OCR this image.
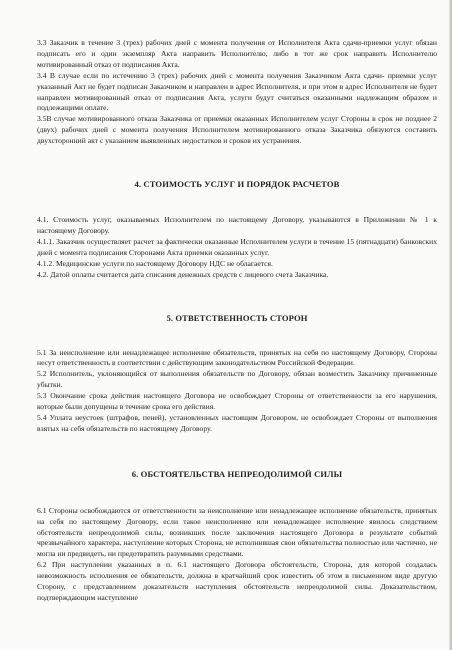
3.3 Заказчик в течение 3 (трех) рабочих дней с момента получения от Исполнителя Акта сдачи-приемки услуг обязан подписать его и один экземпляр Акта направить Исполнителю, либо в тот же срок направить Исполнителю мотивированный отказ от подписания Акта.

3.4 В случае если по истечению 3 (трех) рабочих дней с момента получения Заказчиком Акта сдачи- приемки услуг указанный Акт не будет подписан Заказчиком и направлен в адрес Исполнителя, и при этом в адрес Исполнителя не будет направлен мотивированный отказ от подписания Акта, услуги будут считаться оказанными надлежащим образом и подлежащими оплате.

3.5В случае мотивированного отказа Заказчика от приемки оказанных Исполнителем услуг Стороны в срок не позднее 2 (двух) рабочих дней с момента получения Исполнителем мотивированного отказа Заказчика обязуются составить двухсторонний акт с указанием выявленных недостатков и сроков их устранения.

4. СТОИМОСТЬ УСЛУГ И ПОРЯДОК РАСЧЕТОВ

4.1. Стоимость услуг, оказываемых Исполнителем по настоящему Договору, указываются в Приложении № 1 к настоящему Договору.

4.1.1. Заказчик осуществляет расчет за фактически оказанные Исполнителем услуги в течение 15 (пятнадцати) банковских дней с момента подписания Сторонами Акта приемки оказанных услуг.

4.1.2. Медицинские услуги по настоящему Договору НДС не облагается.

4.2. Датой оплаты считается дата списания денежных средств с лицевого счета Заказчика.

5. ОТВЕТСТВЕННОСТЬ СТОРОН

5.1 За неисполнение или ненадлежащее исполнение обязательств, принятых на себя по настоящему Договору, Стороны несут ответственность в соответствии с действующим законодательством Российской Федерации.

5.2 Исполнитель, уклоняющийся от выполнения обязательств по Договору, обязан возместить Заказчику причиненные убытки.

5.3 Окончание срока действия настоящего Договора не освобождает Стороны от ответственности за его нарушения, которые были допущены в течение срока его действия.

5.4 Уплата неустоек (штрафов, пеней), установленных настоящим Договором, не освобождает Стороны от выполнения взятых на себя обязательств по настоящему Договору.

6. ОБСТОЯТЕЛЬСТВА НЕПРЕОДОЛИМОЙ СИЛЫ

6.1 Стороны освобождаются от ответственности за неисполнение или ненадлежащее исполнение обязательств, принятых на себя по настоящему Договору, если такое неисполнение или ненадлежащее исполнение явилось следствием обстоятельств непреодолимой силы, возникших после заключения настоящего Договора в результате событий чрезвычайного характера, наступление которых Сторона, не исполнившая свои обязательства полностью или частично, не могла ни предвидеть, ни предотвратить разумными средствами.

6.2 При наступлении указанных в п. 6.1 настоящего Договора обстоятельств, Сторона, для которой создалась невозможность исполнения ее обязательств, должна в кратчайший срок известить об этом в письменном виде другую Сторону, с представлением доказательств наступления обстоятельств непреодолимой силы. Доказательством, подтверждающим наступление
